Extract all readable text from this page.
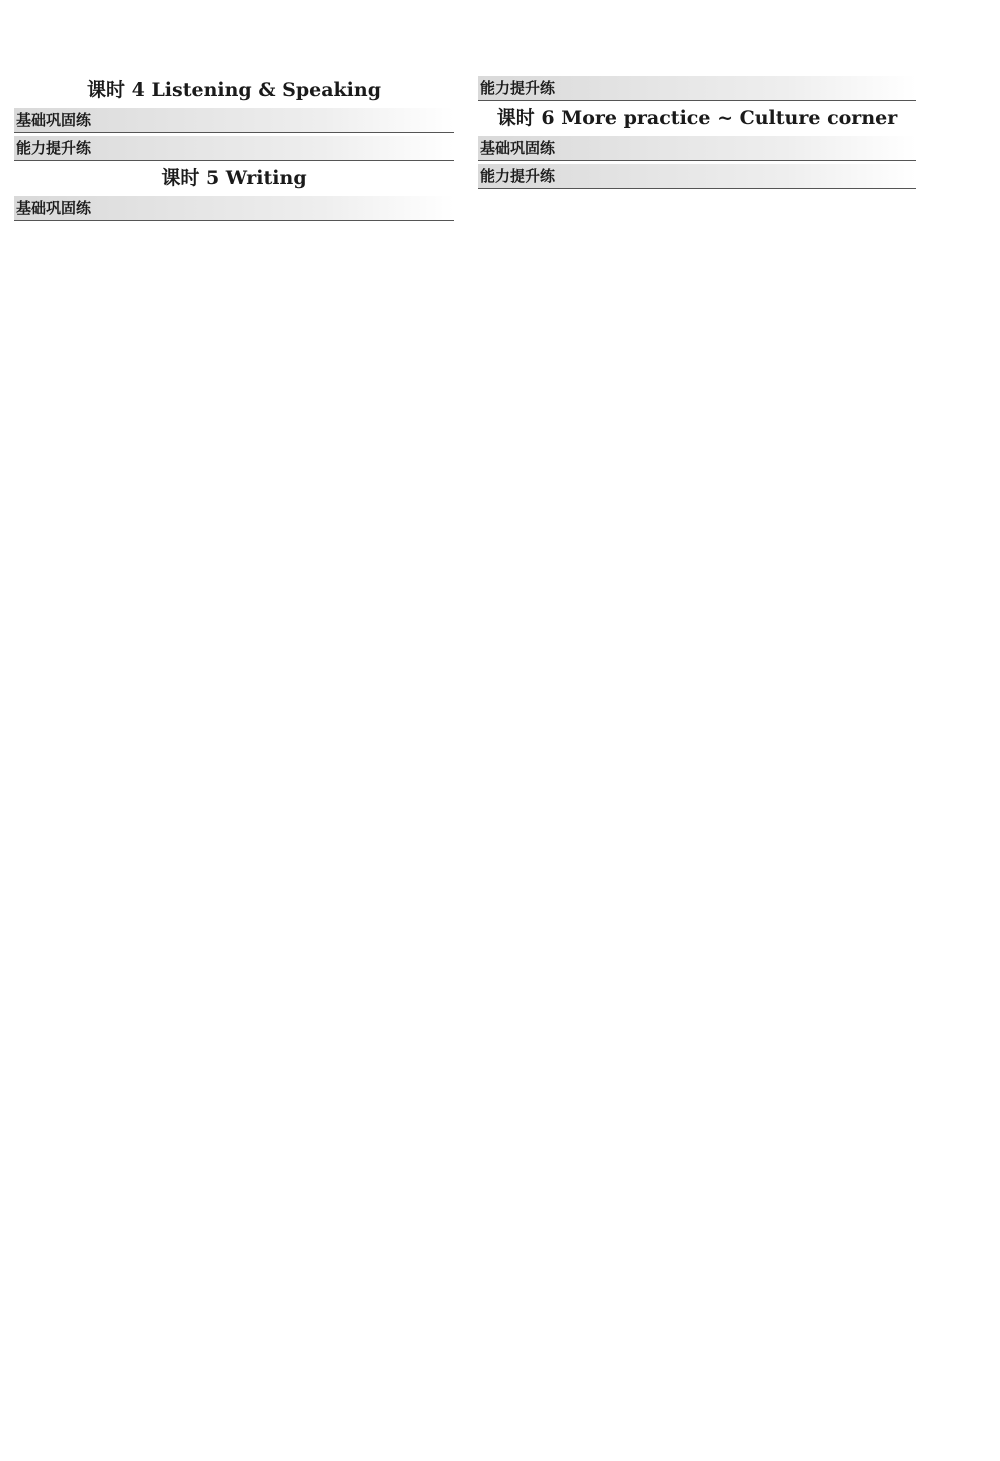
课时 4 Listening & Speaking
基础巩固练
能力提升练
课时 5 Writing
基础巩固练
能力提升练
课时 6 More practice ~ Culture corner
基础巩固练
能力提升练
